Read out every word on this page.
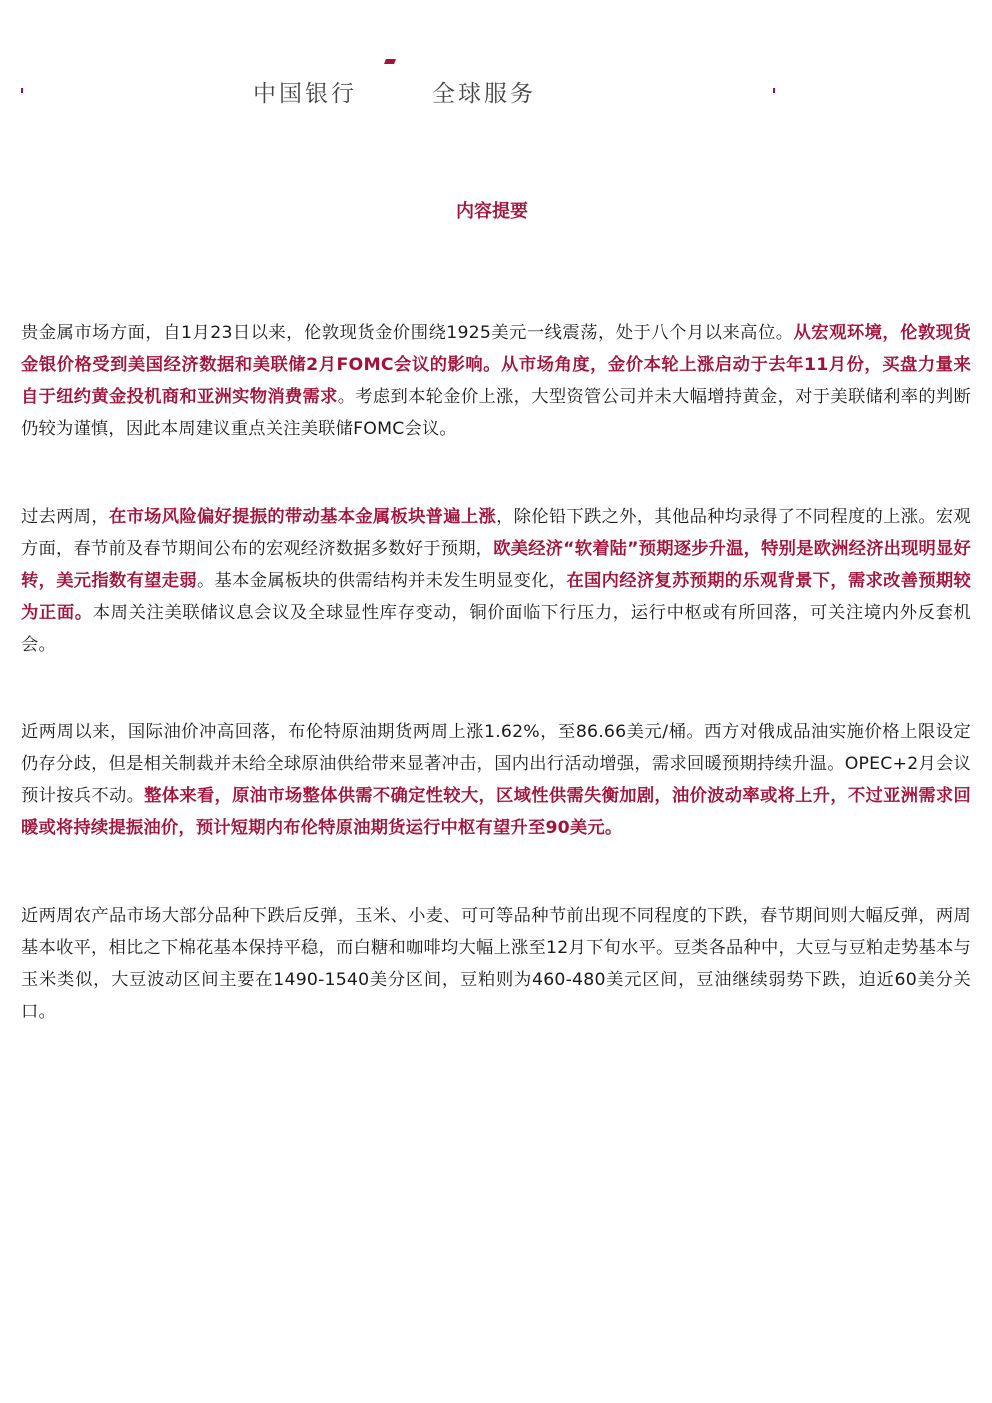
中国银行	全球服务
内容提要

贵金属市场方面，自1月23日以来，伦敦现货金价围绕1925美元一线震荡，处于八个月以来高位。从宏观环境，伦敦现货金银价格受到美国经济数据和美联储2月FOMC会议的影响。从市场角度，金价本轮上涨启动于去年11月份，买盘力量来自于纽约黄金投机商和亚洲实物消费需求。考虑到本轮金价上涨，大型资管公司并未大幅增持黄金，对于美联储利率的判断仍较为谨慎，因此本周建议重点关注美联储FOMC会议。

过去两周，在市场风险偏好提振的带动基本金属板块普遍上涨，除伦铅下跌之外，其他品种均录得了不同程度的上涨。宏观方面，春节前及春节期间公布的宏观经济数据多数好于预期，欧美经济“软着陆”预期逐步升温，特别是欧洲经济出现明显好转，美元指数有望走弱。基本金属板块的供需结构并未发生明显变化，在国内经济复苏预期的乐观背景下，需求改善预期较为正面。本周关注美联储议息会议及全球显性库存变动，铜价面临下行压力，运行中枢或有所回落，可关注境内外反套机会。

近两周以来，国际油价冲高回落，布伦特原油期货两周上涨1.62%，至86.66美元/桶。西方对俄成品油实施价格上限设定仍存分歧，但是相关制裁并未给全球原油供给带来显著冲击，国内出行活动增强，需求回暖预期持续升温。OPEC+2月会议预计按兵不动。整体来看，原油市场整体供需不确定性较大，区域性供需失衡加剧，油价波动率或将上升，不过亚洲需求回暖或将持续提振油价，预计短期内布伦特原油期货运行中枢有望升至90美元。

近两周农产品市场大部分品种下跌后反弹，玉米、小麦、可可等品种节前出现不同程度的下跌，春节期间则大幅反弹，两周基本收平，相比之下棉花基本保持平稳，而白糖和咖啡均大幅上涨至12月下旬水平。豆类各品种中，大豆与豆粕走势基本与玉米类似，大豆波动区间主要在1490-1540美分区间，豆粕则为460-480美元区间，豆油继续弱势下跌，迫近60美分关口。
